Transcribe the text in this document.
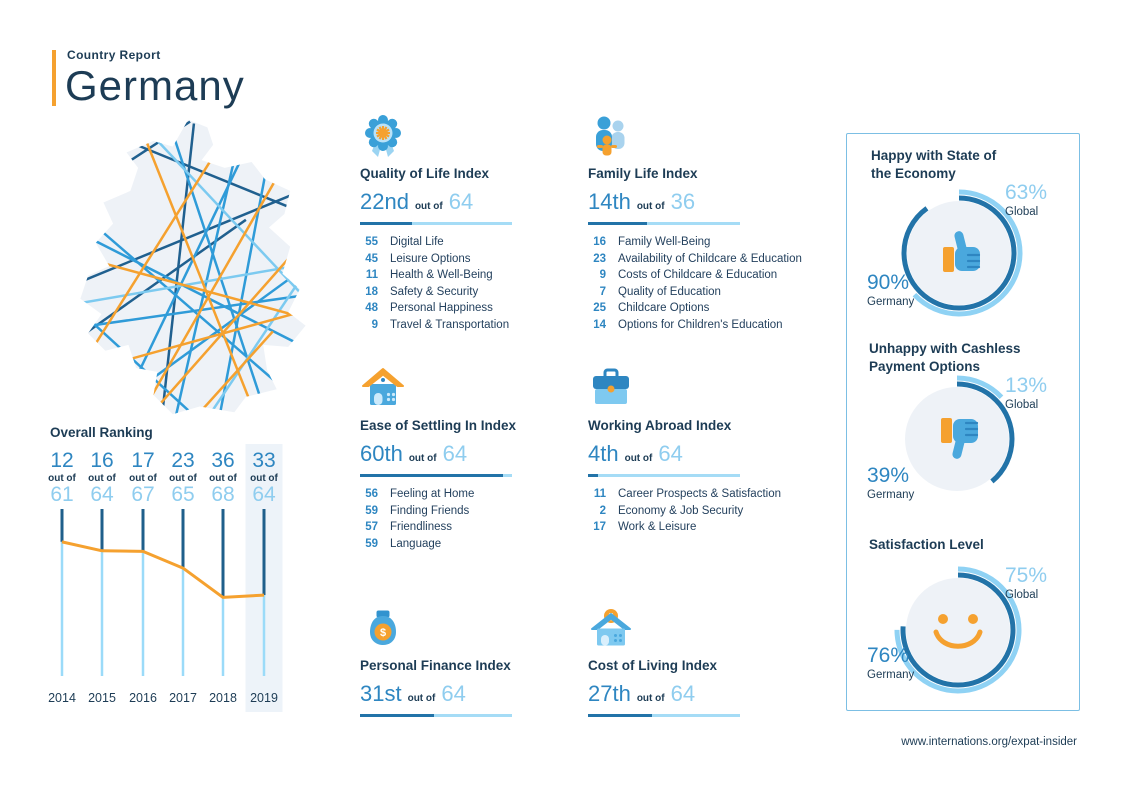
Country Report
Germany
Overall Ranking
12
out of
61
2014
16
out of
64
2015
17
out of
67
2016
23
out of
65
2017
36
out of
68
2018
33
out of
64
2019
Quality of Life Index
22nd out of 64
55 Digital Life
45 Leisure Options
11 Health & Well-Being
18 Safety & Security
48 Personal Happiness
9 Travel & Transportation
Family Life Index
14th out of 36
16 Family Well-Being
23 Availability of Childcare & Education
9 Costs of Childcare & Education
7 Quality of Education
25 Childcare Options
14 Options for Children's Education
Ease of Settling In Index
60th out of 64
56 Feeling at Home
59 Finding Friends
57 Friendliness
59 Language
Working Abroad Index
4th out of 64
11 Career Prospects & Satisfaction
2 Economy & Job Security
17 Work & Leisure
$
Personal Finance Index
31st out of 64
Cost of Living Index
27th out of 64
Happy with State of the Economy
63%
Global
90%
Germany
Unhappy with Cashless Payment Options
13%
Global
39%
Germany
Satisfaction Level
75%
Global
76%
Germany
www.internations.org/expat-insider
